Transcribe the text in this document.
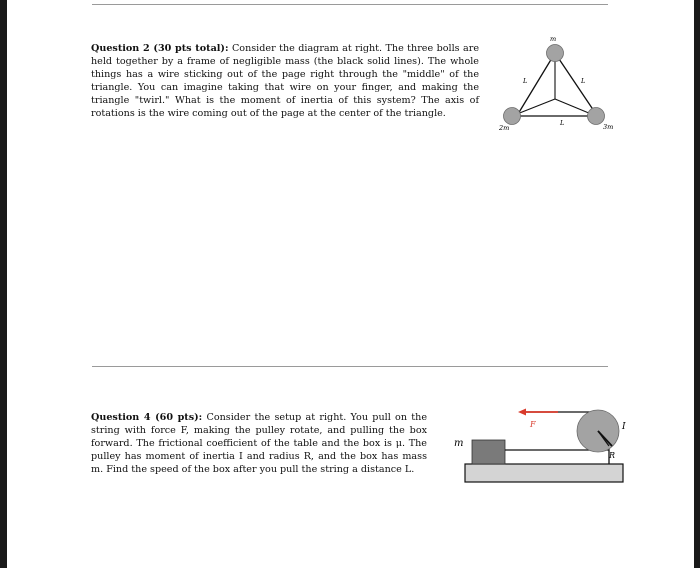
Question 2 (30 pts total): Consider the diagram at right. The three bolls are held together by a frame of negligible mass (the black solid lines). The whole things has a wire sticking out of the page right through the "middle" of the triangle. You can imagine taking that wire on your finger, and making the triangle "twirl." What is the moment of inertia of this system? The axis of rotations is the wire coming out of the page at the center of the triangle.

m
2m	3m
L	L
L

Question 4 (60 pts): Consider the setup at right. You pull on the string with force F, making the pulley rotate, and pulling the box forward. The frictional coefficient of the table and the box is μ. The pulley has moment of inertia I and radius R, and the box has mass m. Find the speed of the box after you pull the string a distance L.

F
m
I
R
